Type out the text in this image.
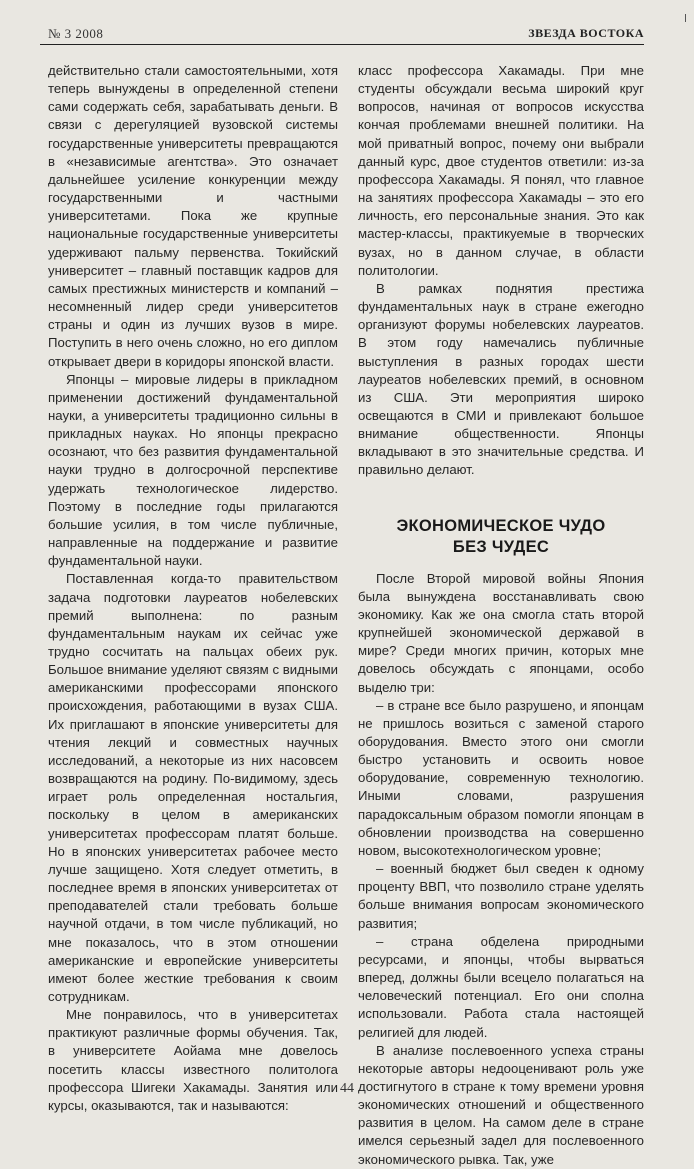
№ 3 2008	ЗВЕЗДА ВОСТОКА

действительно стали самостоятельными, хотя теперь вынуждены в определенной степени сами содержать себя, зарабатывать деньги. В связи с дерегуляцией вузовской системы государственные университеты превращаются в «независимые агентства». Это означает дальнейшее усиление конкуренции между государственными и частными университетами. Пока же крупные национальные государственные университеты удерживают пальму первенства. Токийский университет – главный поставщик кадров для самых престижных министерств и компаний – несомненный лидер среди университетов страны и один из лучших вузов в мире. Поступить в него очень сложно, но его диплом открывает двери в коридоры японской власти.

Японцы – мировые лидеры в прикладном применении достижений фундаментальной науки, а университеты традиционно сильны в прикладных науках. Но японцы прекрасно осознают, что без развития фундаментальной науки трудно в долгосрочной перспективе удержать технологическое лидерство. Поэтому в последние годы прилагаются большие усилия, в том числе публичные, направленные на поддержание и развитие фундаментальной науки.

Поставленная когда-то правительством задача подготовки лауреатов нобелевских премий выполнена: по разным фундаментальным наукам их сейчас уже трудно сосчитать на пальцах обеих рук. Большое внимание уделяют связям с видными американскими профессорами японского происхождения, работающими в вузах США. Их приглашают в японские университеты для чтения лекций и совместных научных исследований, а некоторые из них насовсем возвращаются на родину. По-видимому, здесь играет роль определенная ностальгия, поскольку в целом в американских университетах профессорам платят больше. Но в японских университетах рабочее место лучше защищено. Хотя следует отметить, в последнее время в японских университетах от преподавателей стали требовать больше научной отдачи, в том числе публикаций, но мне показалось, что в этом отношении американские и европейские университеты имеют более жесткие требования к своим сотрудникам.

Мне понравилось, что в университетах практикуют различные формы обучения. Так, в университете Аойама мне довелось посетить классы известного политолога профессора Шигеки Хакамады. Занятия или курсы, оказываются, так и называются:

класс профессора Хакамады. При мне студенты обсуждали весьма широкий круг вопросов, начиная от вопросов искусства кончая проблемами внешней политики. На мой приватный вопрос, почему они выбрали данный курс, двое студентов ответили: из-за профессора Хакамады. Я понял, что главное на занятиях профессора Хакамады – это его личность, его персональные знания. Это как мастер-классы, практикуемые в творческих вузах, но в данном случае, в области политологии.

В рамках поднятия престижа фундаментальных наук в стране ежегодно организуют форумы нобелевских лауреатов. В этом году намечались публичные выступления в разных городах шести лауреатов нобелевских премий, в основном из США. Эти мероприятия широко освещаются в СМИ и привлекают большое внимание общественности. Японцы вкладывают в это значительные средства. И правильно делают.

ЭКОНОМИЧЕСКОЕ ЧУДО
БЕЗ ЧУДЕС

После Второй мировой войны Япония была вынуждена восстанавливать свою экономику. Как же она смогла стать второй крупнейшей экономической державой в мире? Среди многих причин, которых мне довелось обсуждать с японцами, особо выделю три:

– в стране все было разрушено, и японцам не пришлось возиться с заменой старого оборудования. Вместо этого они смогли быстро установить и освоить новое оборудование, современную технологию. Иными словами, разрушения парадоксальным образом помогли японцам в обновлении производства на совершенно новом, высокотехнологическом уровне;

– военный бюджет был сведен к одному проценту ВВП, что позволило стране уделять больше внимания вопросам экономического развития;

– страна обделена природными ресурсами, и японцы, чтобы вырваться вперед, должны были всецело полагаться на человеческий потенциал. Его они сполна использовали. Работа стала настоящей религией для людей.

В анализе послевоенного успеха страны некоторые авторы недооценивают роль уже достигнутого в стране к тому времени уровня экономических отношений и общественного развития в целом. На самом деле в стране имелся серьезный задел для послевоенного экономического рывка. Так, уже

44
